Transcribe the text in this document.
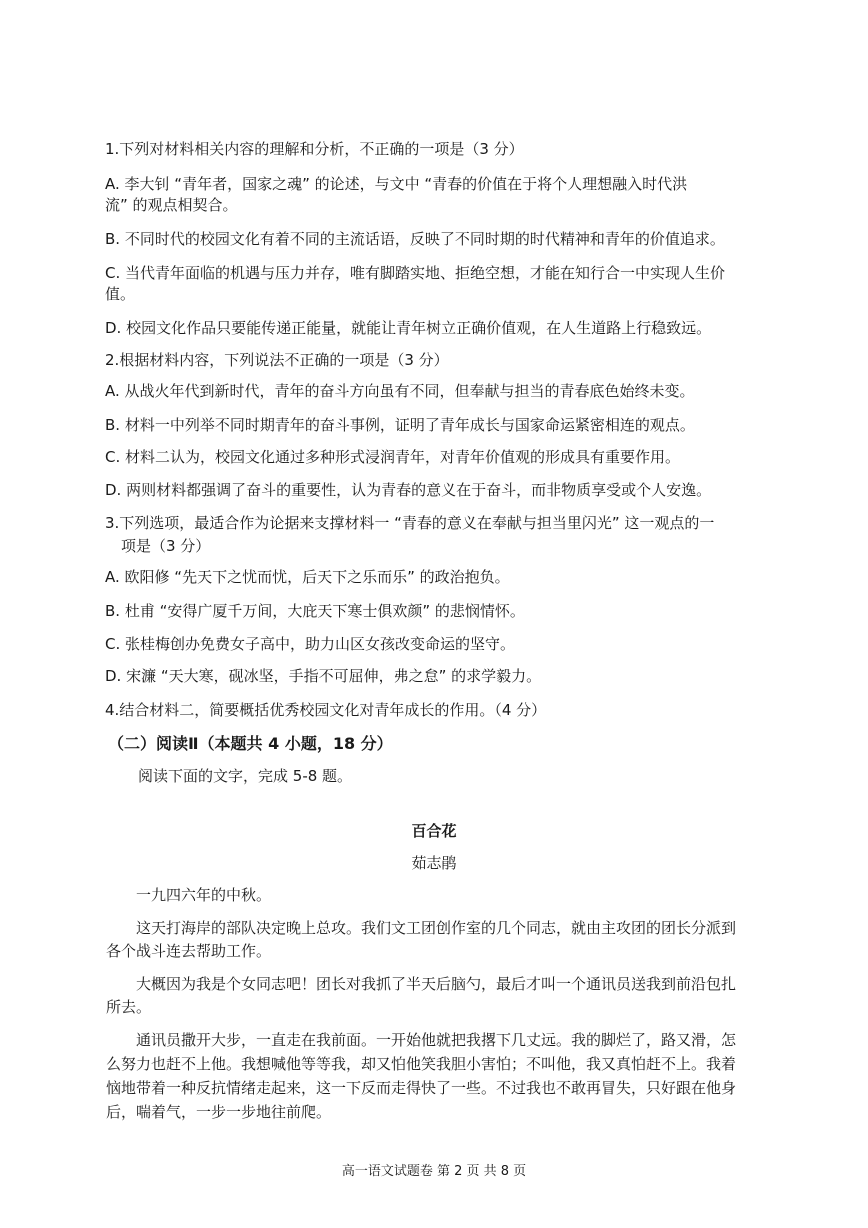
1.下列对材料相关内容的理解和分析，不正确的一项是（3 分）
A. 李大钊 “青年者，国家之魂” 的论述，与文中 “青春的价值在于将个人理想融入时代洪
流” 的观点相契合。
B. 不同时代的校园文化有着不同的主流话语，反映了不同时期的时代精神和青年的价值追求。
C. 当代青年面临的机遇与压力并存，唯有脚踏实地、拒绝空想，才能在知行合一中实现人生价
值。
D. 校园文化作品只要能传递正能量，就能让青年树立正确价值观，在人生道路上行稳致远。
2.根据材料内容，下列说法不正确的一项是（3 分）
A. 从战火年代到新时代，青年的奋斗方向虽有不同，但奉献与担当的青春底色始终未变。
B. 材料一中列举不同时期青年的奋斗事例，证明了青年成长与国家命运紧密相连的观点。
C. 材料二认为，校园文化通过多种形式浸润青年，对青年价值观的形成具有重要作用。
D. 两则材料都强调了奋斗的重要性，认为青春的意义在于奋斗，而非物质享受或个人安逸。
3.下列选项，最适合作为论据来支撑材料一 “青春的意义在奉献与担当里闪光” 这一观点的一
项是（3 分）
A. 欧阳修 “先天下之忧而忧，后天下之乐而乐” 的政治抱负。
B. 杜甫 “安得广厦千万间，大庇天下寒士俱欢颜” 的悲悯情怀。
C. 张桂梅创办免费女子高中，助力山区女孩改变命运的坚守。
D. 宋濂 “天大寒，砚冰坚，手指不可屈伸，弗之怠” 的求学毅力。
4.结合材料二，简要概括优秀校园文化对青年成长的作用。（4 分）
（二）阅读Ⅱ（本题共 4 小题，18 分）
阅读下面的文字，完成 5-8 题。
百合花
茹志鹃
一九四六年的中秋。
这天打海岸的部队决定晚上总攻。我们文工团创作室的几个同志，就由主攻团的团长分派到
各个战斗连去帮助工作。
大概因为我是个女同志吧！团长对我抓了半天后脑勺，最后才叫一个通讯员送我到前沿包扎
所去。
通讯员撒开大步，一直走在我前面。一开始他就把我撂下几丈远。我的脚烂了，路又滑，怎
么努力也赶不上他。我想喊他等等我，却又怕他笑我胆小害怕；不叫他，我又真怕赶不上。我着
恼地带着一种反抗情绪走起来，这一下反而走得快了一些。不过我也不敢再冒失，只好跟在他身
后，喘着气，一步一步地往前爬。
高一语文试题卷 第 2 页 共 8 页
